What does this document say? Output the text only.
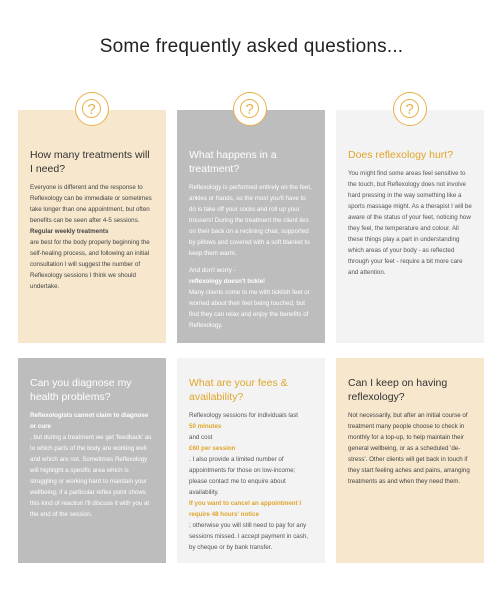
Some frequently asked questions...
How many treatments will I need?

Everyone is different and the response to Reflexology can be immediate or sometimes take longer than one appointment, but often benefits can be seen after 4-5 sessions.

Regular weekly treatments

are best for the body properly beginning the self-healing process, and following an initial consultation I will suggest the number of Reflexology sessions I think we should undertake.

?
What happens in a treatment?

Reflexology is performed entirely on the feet, ankles or hands, so the most you'll have to do is take off your socks and roll up your trousers! During the treatment the client lies on their back on a reclining chair, supported by pillows and covered with a soft blanket to keep them warm.

And don't worry -

reflexology doesn't tickle!

Many clients come to me with ticklish feet or worried about their feet being touched, but find they can relax and enjoy the benefits of Reflexology.

?
Does reflexology hurt?

You might find some areas feel sensitive to the touch, but Reflexology does not involve hard pressing in the way something like a sports massage might. As a therapist I will be aware of the status of your feet, noticing how they feel, the temperature and colour. All these things play a part in understanding which areas of your body - as reflected through your feet - require a bit more care and attention.

?
Can you diagnose my health problems?

Reflexologists cannot claim to diagnose or cure

, but during a treatment we get 'feedback' as to which parts of the body are working well and which are not. Sometimes Reflexology will highlight a specific area which is struggling or working hard to maintain your wellbeing; if a particular reflex point shows this kind of reaction I'll discuss it with you at the end of the session.

What are your fees & availability?

Reflexology sessions for individuals last

50 minutes

and cost

£60 per session

. I also provide a limited number of appointments for those on low-income; please contact me to enquire about availability.

If you want to cancel an appointment I require 48 hours' notice

; otherwise you will still need to pay for any sessions missed. I accept payment in cash, by cheque or by bank transfer.

Can I keep on having reflexology?

Not necessarily, but after an initial course of treatment many people choose to check in monthly for a top-up, to help maintain their general wellbeing, or as a scheduled 'de-stress'. Other clients will get back in touch if they start feeling aches and pains, arranging treatments as and when they need them.
